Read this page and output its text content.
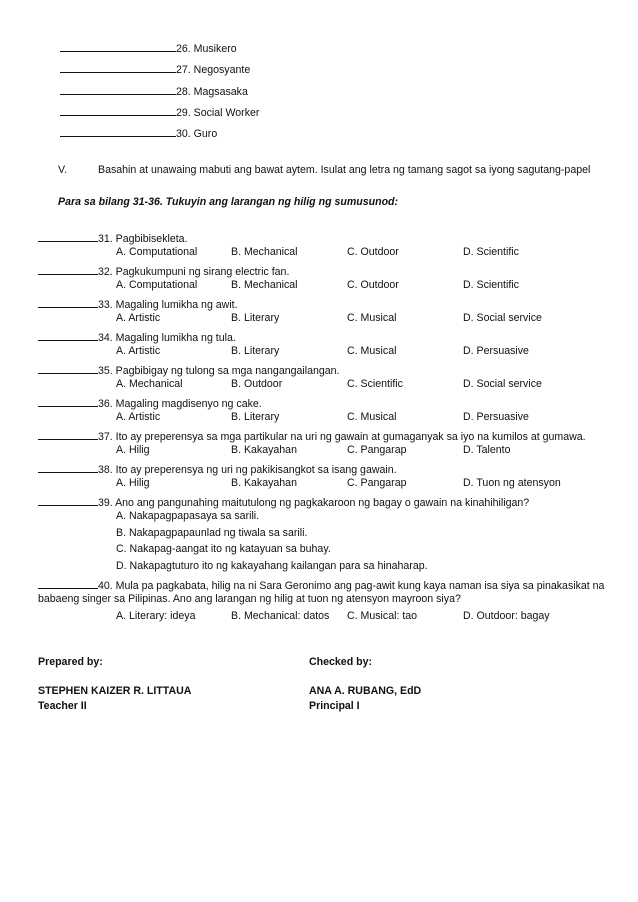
26. Musikero
27. Negosyante
28. Magsasaka
29. Social Worker
30. Guro
V.	Basahin at unawaing mabuti ang bawat aytem. Isulat ang letra ng tamang sagot sa iyong sagutang-papel
Para sa bilang 31-36. Tukuyin ang larangan ng hilig ng sumusunod:
31. Pagbibisekleta.
A. Computational	B. Mechanical	C. Outdoor	D. Scientific
32. Pagkukumpuni ng sirang electric fan.
A. Computational	B. Mechanical	C. Outdoor	D. Scientific
33. Magaling lumikha ng awit.
A. Artistic	B. Literary	C. Musical	D. Social service
34. Magaling lumikha ng tula.
A. Artistic	B. Literary	C. Musical	D. Persuasive
35. Pagbibigay ng tulong sa mga nangangailangan.
A. Mechanical	B. Outdoor	C. Scientific	D. Social service
36. Magaling magdisenyo ng cake.
A. Artistic	B. Literary	C. Musical	D. Persuasive
37. Ito ay preperensya sa mga partikular na uri ng gawain at gumaganyak sa iyo na kumilos at gumawa.
A. Hilig	B. Kakayahan	C. Pangarap	D. Talento
38. Ito ay preperensya ng uri ng pakikisangkot sa isang gawain.
A. Hilig	B. Kakayahan	C. Pangarap	D. Tuon ng atensyon
39. Ano ang pangunahing maitutulong ng pagkakaroon ng bagay o gawain na kinahihiligan?
A. Nakapagpapasaya sa sarili.
B. Nakapagpapaunlad ng tiwala sa sarili.
C. Nakapag-aangat ito ng katayuan sa buhay.
D. Nakapagtuturo ito ng kakayahang kailangan para sa hinaharap.
40. Mula pa pagkabata, hilig na ni Sara Geronimo ang pag-awit kung kaya naman isa siya sa pinakasikat na
babaeng singer sa Pilipinas. Ano ang larangan ng hilig at tuon ng atensyon mayroon siya?
A. Literary: ideya	B. Mechanical: datos C. Musical: tao	D. Outdoor: bagay
Prepared by:	Checked by:
STEPHEN KAIZER R. LITTAUA	ANA A. RUBANG, EdD
Teacher II	Principal I
